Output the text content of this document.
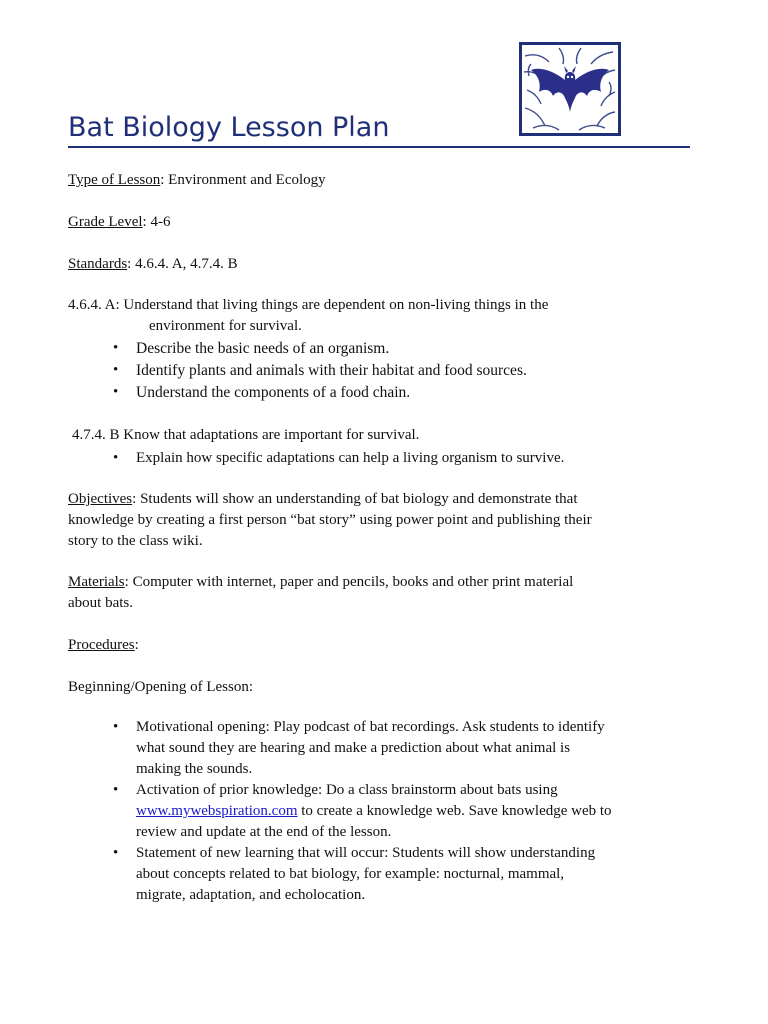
Bat Biology Lesson Plan
Type of Lesson: Environment and Ecology
Grade Level: 4-6
Standards: 4.6.4. A, 4.7.4. B
4.6.4. A: Understand that living things are dependent on non-living things in the
environment for survival.
• Describe the basic needs of an organism.
• Identify plants and animals with their habitat and food sources.
• Understand the components of a food chain.
4.7.4. B Know that adaptations are important for survival.
• Explain how specific adaptations can help a living organism to survive.
Objectives: Students will show an understanding of bat biology and demonstrate that
knowledge by creating a first person “bat story” using power point and publishing their
story to the class wiki.
Materials: Computer with internet, paper and pencils, books and other print material
about bats.
Procedures:
Beginning/Opening of Lesson:
• Motivational opening: Play podcast of bat recordings. Ask students to identify
what sound they are hearing and make a prediction about what animal is
making the sounds.
• Activation of prior knowledge: Do a class brainstorm about bats using
www.mywebspiration.com to create a knowledge web. Save knowledge web to
review and update at the end of the lesson.
• Statement of new learning that will occur: Students will show understanding
about concepts related to bat biology, for example: nocturnal, mammal,
migrate, adaptation, and echolocation.
